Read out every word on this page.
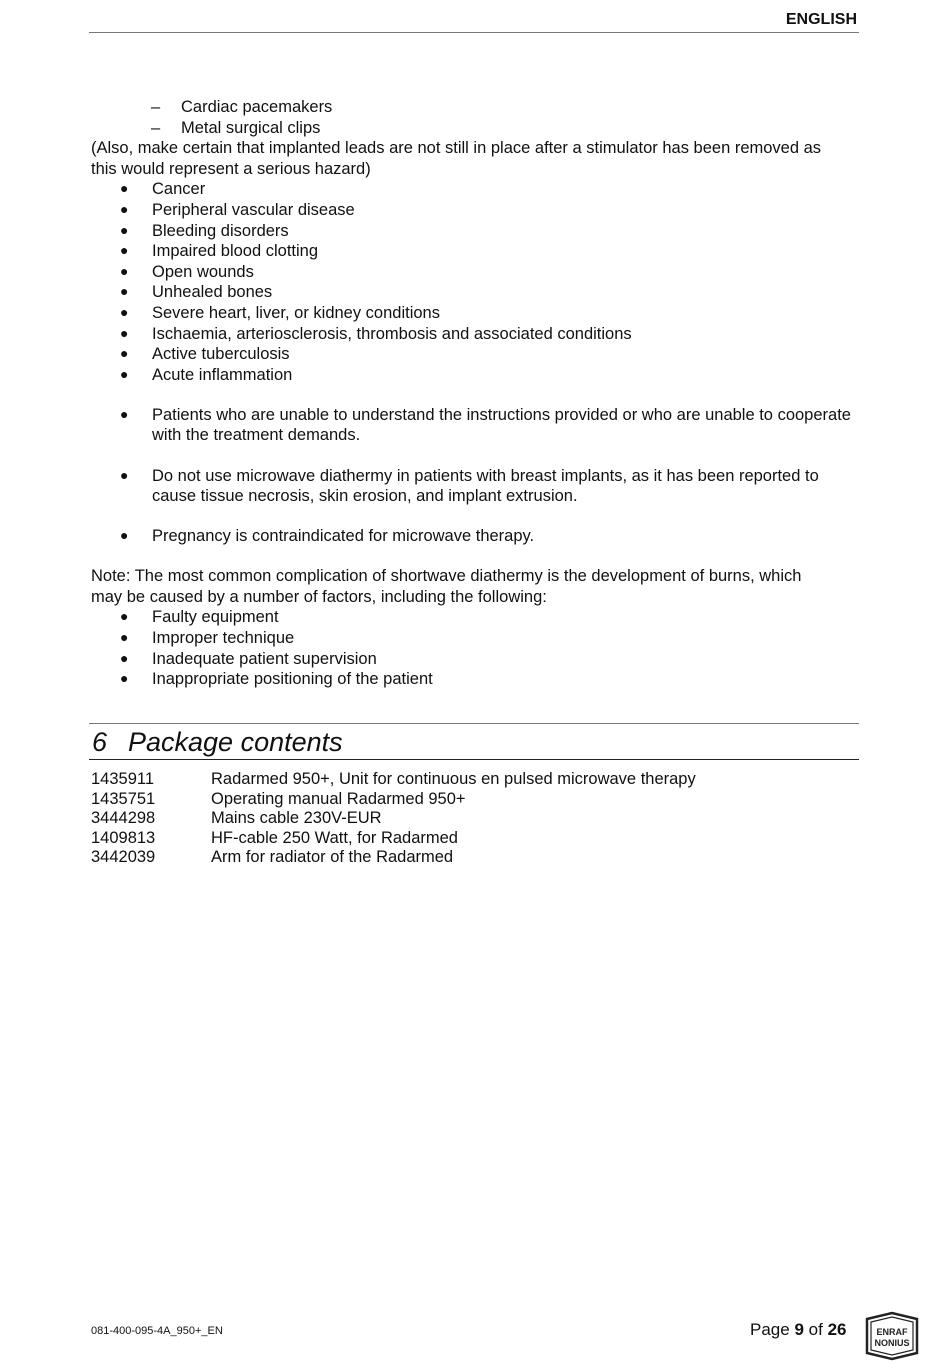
ENGLISH
– Cardiac pacemakers
– Metal surgical clips
(Also, make certain that implanted leads are not still in place after a stimulator has been removed as this would represent a serious hazard)
● Cancer
● Peripheral vascular disease
● Bleeding disorders
● Impaired blood clotting
● Open wounds
● Unhealed bones
● Severe heart, liver, or kidney conditions
● Ischaemia, arteriosclerosis, thrombosis and associated conditions
● Active tuberculosis
● Acute inflammation
● Patients who are unable to understand the instructions provided or who are unable to cooperate with the treatment demands.
● Do not use microwave diathermy in patients with breast implants, as it has been reported to cause tissue necrosis, skin erosion, and implant extrusion.
● Pregnancy is contraindicated for microwave therapy.
Note: The most common complication of shortwave diathermy is the development of burns, which may be caused by a number of factors, including the following:
● Faulty equipment
● Improper technique
● Inadequate patient supervision
● Inappropriate positioning of the patient
6 Package contents
1435911	Radarmed 950+, Unit for continuous en pulsed microwave therapy
1435751	Operating manual Radarmed 950+
3444298	Mains cable 230V-EUR
1409813	HF-cable 250 Watt, for Radarmed
3442039	Arm for radiator of the Radarmed
081-400-095-4A_950+_EN	Page 9 of 26	ENRAF
NONIUS
